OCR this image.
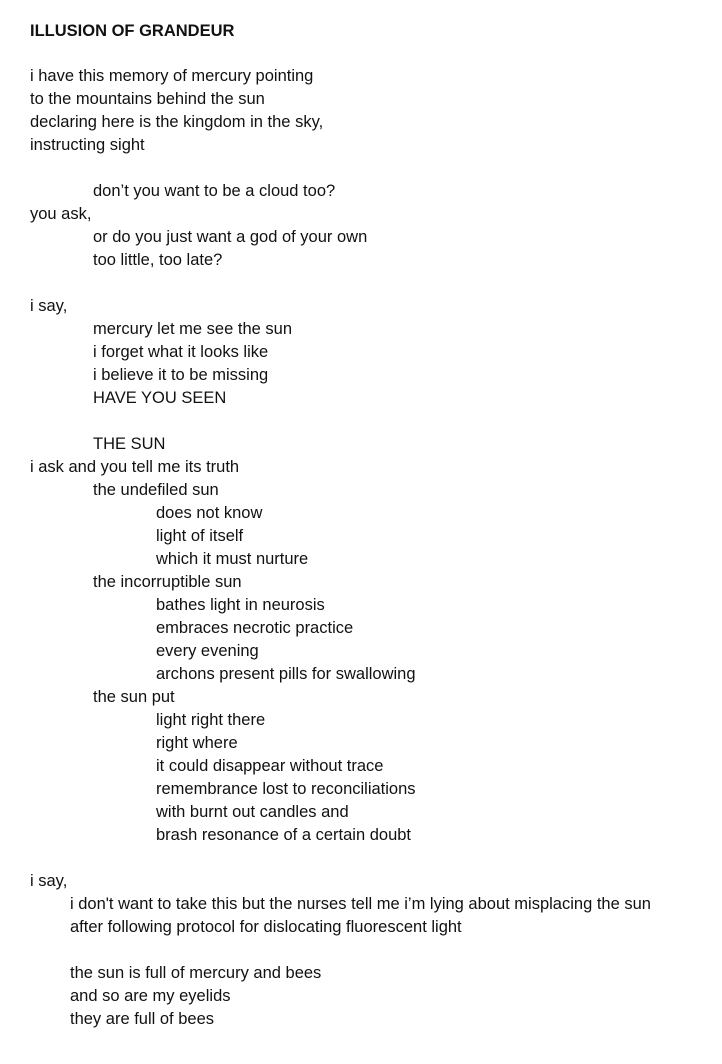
ILLUSION OF GRANDEUR
i have this memory of mercury pointing
to the mountains behind the sun
declaring here is the kingdom in the sky,
instructing sight
don’t you want to be a cloud too?
you ask,
or do you just want a god of your own
too little, too late?
i say,
mercury let me see the sun
i forget what it looks like
i believe it to be missing
HAVE YOU SEEN
THE SUN
i ask and you tell me its truth
the undefiled sun
does not know
light of itself
which it must nurture
the incorruptible sun
bathes light in neurosis
embraces necrotic practice
every evening
archons present pills for swallowing
the sun put
light right there
right where
it could disappear without trace
remembrance lost to reconciliations
with burnt out candles and
brash resonance of a certain doubt
i say,
i don't want to take this but the nurses tell me i’m lying about misplacing the sun
after following protocol for dislocating fluorescent light
the sun is full of mercury and bees
and so are my eyelids
they are full of bees
